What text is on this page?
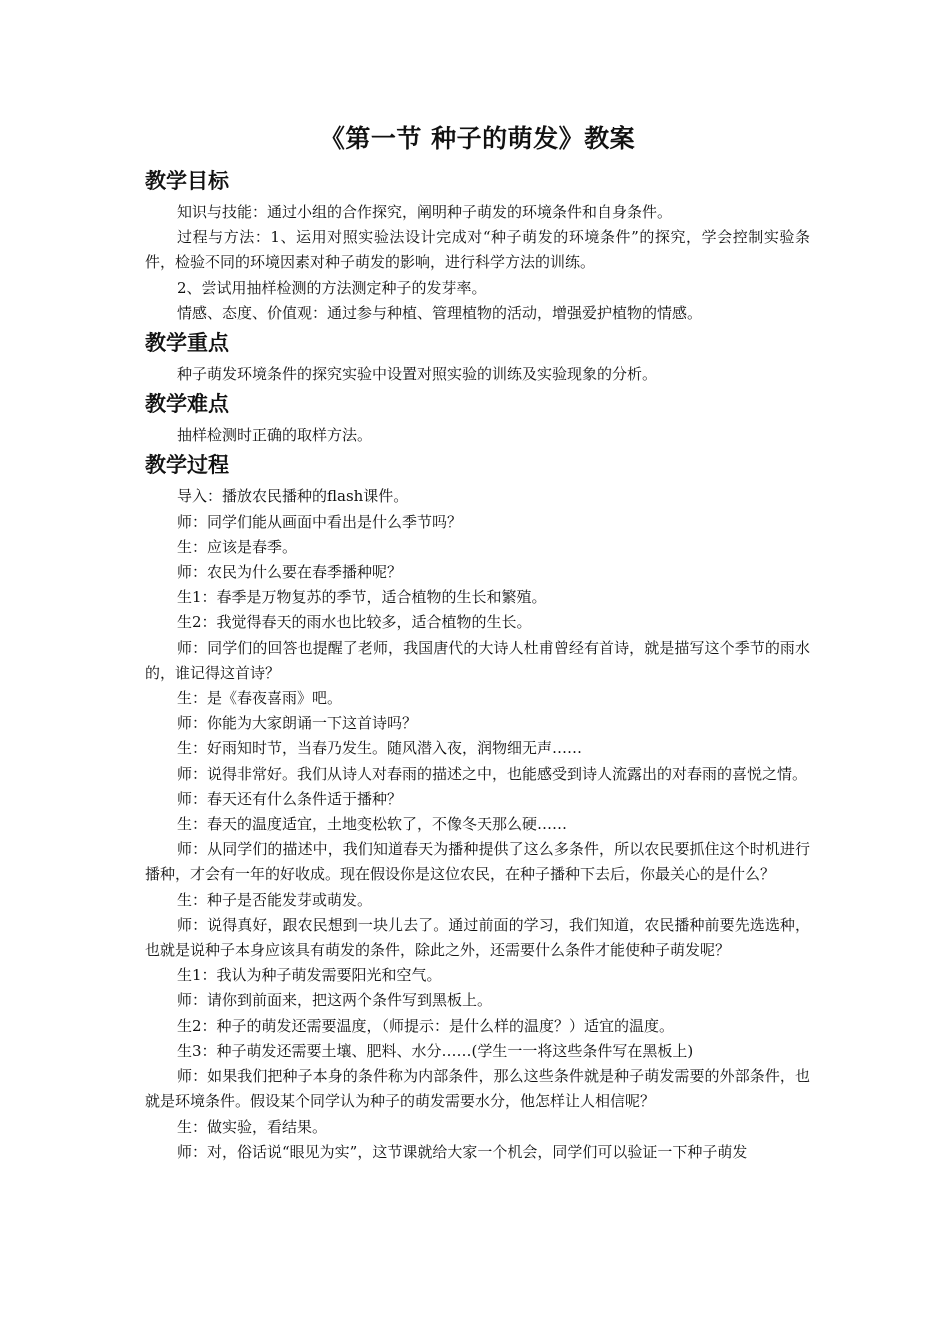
《第一节 种子的萌发》教案
教学目标

知识与技能：通过小组的合作探究，阐明种子萌发的环境条件和自身条件。

过程与方法：1、运用对照实验法设计完成对“种子萌发的环境条件”的探究，学会控制实验条件，检验不同的环境因素对种子萌发的影响，进行科学方法的训练。

2、尝试用抽样检测的方法测定种子的发芽率。

情感、态度、价值观：通过参与种植、管理植物的活动，增强爱护植物的情感。

教学重点

种子萌发环境条件的探究实验中设置对照实验的训练及实验现象的分析。

教学难点

抽样检测时正确的取样方法。

教学过程

导入：播放农民播种的flash课件。

师：同学们能从画面中看出是什么季节吗？

生：应该是春季。

师：农民为什么要在春季播种呢？

生1：春季是万物复苏的季节，适合植物的生长和繁殖。

生2：我觉得春天的雨水也比较多，适合植物的生长。

师：同学们的回答也提醒了老师，我国唐代的大诗人杜甫曾经有首诗，就是描写这个季节的雨水的，谁记得这首诗？

生：是《春夜喜雨》吧。

师：你能为大家朗诵一下这首诗吗？

生：好雨知时节，当春乃发生。随风潜入夜，润物细无声……

师：说得非常好。我们从诗人对春雨的描述之中，也能感受到诗人流露出的对春雨的喜悦之情。

师：春天还有什么条件适于播种？

生：春天的温度适宜，土地变松软了，不像冬天那么硬……

师：从同学们的描述中，我们知道春天为播种提供了这么多条件，所以农民要抓住这个时机进行播种，才会有一年的好收成。现在假设你是这位农民，在种子播种下去后，你最关心的是什么？

生：种子是否能发芽或萌发。

师：说得真好，跟农民想到一块儿去了。通过前面的学习，我们知道，农民播种前要先选选种，也就是说种子本身应该具有萌发的条件，除此之外，还需要什么条件才能使种子萌发呢？

生1：我认为种子萌发需要阳光和空气。

师：请你到前面来，把这两个条件写到黑板上。

生2：种子的萌发还需要温度，（师提示：是什么样的温度？）适宜的温度。

生3：种子萌发还需要土壤、肥料、水分……(学生一一将这些条件写在黑板上)

师：如果我们把种子本身的条件称为内部条件，那么这些条件就是种子萌发需要的外部条件，也就是环境条件。假设某个同学认为种子的萌发需要水分，他怎样让人相信呢？

生：做实验，看结果。

师：对，俗话说“眼见为实”，这节课就给大家一个机会，同学们可以验证一下种子萌发
